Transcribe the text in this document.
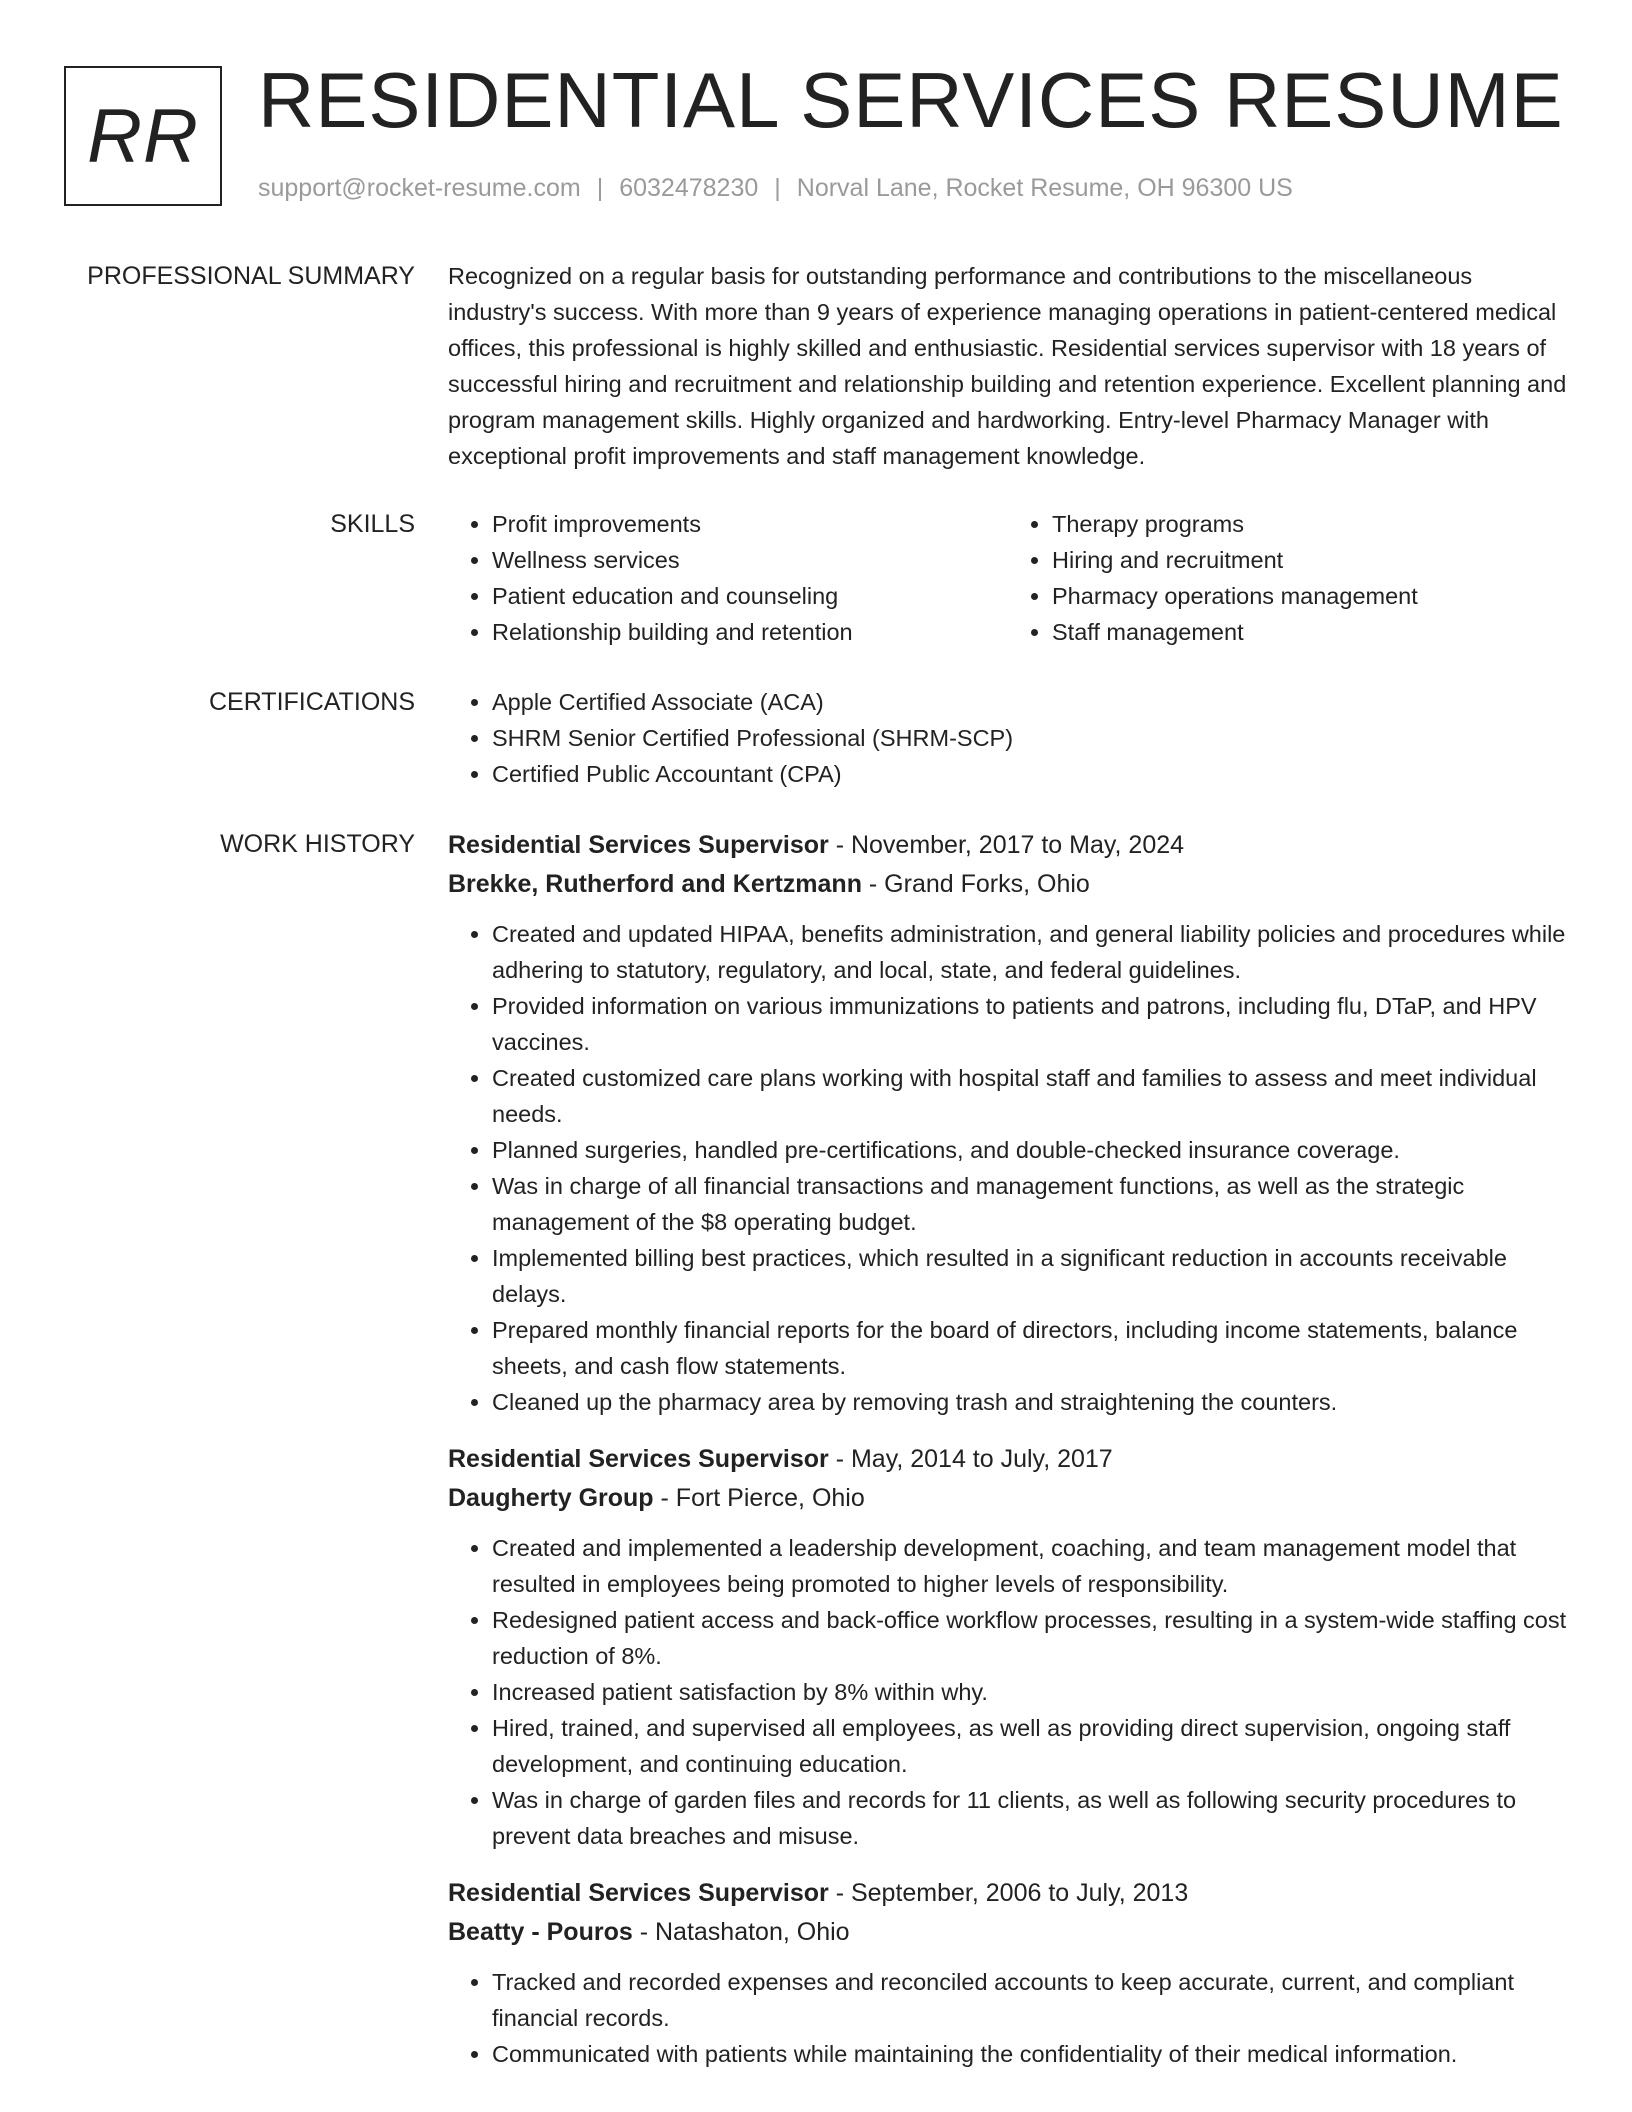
RR RESIDENTIAL SERVICES RESUME
support@rocket-resume.com | 6032478230 | Norval Lane, Rocket Resume, OH 96300 US
PROFESSIONAL SUMMARY Recognized on a regular basis for outstanding performance and contributions to the miscellaneous industry's success. With more than 9 years of experience managing operations in patient-centered medical offices, this professional is highly skilled and enthusiastic. Residential services supervisor with 18 years of successful hiring and recruitment and relationship building and retention experience. Excellent planning and program management skills. Highly organized and hardworking. Entry-level Pharmacy Manager with exceptional profit improvements and staff management knowledge.

SKILLS	• Profit improvements
• Wellness services
• Patient education and counseling
• Relationship building and retention
• Therapy programs
• Hiring and recruitment
• Pharmacy operations management
• Staff management
CERTIFICATIONS	• Apple Certified Associate (ACA)
• SHRM Senior Certified Professional (SHRM-SCP)
• Certified Public Accountant (CPA)
WORK HISTORY Residential Services Supervisor - November, 2017 to May, 2024
Brekke, Rutherford and Kertzmann - Grand Forks, Ohio
• Created and updated HIPAA, benefits administration, and general liability policies and procedures while adhering to statutory, regulatory, and local, state, and federal guidelines.
• Provided information on various immunizations to patients and patrons, including flu, DTaP, and HPV vaccines.
• Created customized care plans working with hospital staff and families to assess and meet individual needs.
• Planned surgeries, handled pre-certifications, and double-checked insurance coverage.
• Was in charge of all financial transactions and management functions, as well as the strategic management of the $8 operating budget.
• Implemented billing best practices, which resulted in a significant reduction in accounts receivable delays.
• Prepared monthly financial reports for the board of directors, including income statements, balance sheets, and cash flow statements.
• Cleaned up the pharmacy area by removing trash and straightening the counters.
Residential Services Supervisor - May, 2014 to July, 2017
Daugherty Group - Fort Pierce, Ohio
• Created and implemented a leadership development, coaching, and team management model that resulted in employees being promoted to higher levels of responsibility.
• Redesigned patient access and back-office workflow processes, resulting in a system-wide staffing cost reduction of 8%.
• Increased patient satisfaction by 8% within why.
• Hired, trained, and supervised all employees, as well as providing direct supervision, ongoing staff development, and continuing education.
• Was in charge of garden files and records for 11 clients, as well as following security procedures to prevent data breaches and misuse.
Residential Services Supervisor - September, 2006 to July, 2013
Beatty - Pouros - Natashaton, Ohio
• Tracked and recorded expenses and reconciled accounts to keep accurate, current, and compliant financial records.
• Communicated with patients while maintaining the confidentiality of their medical information.
